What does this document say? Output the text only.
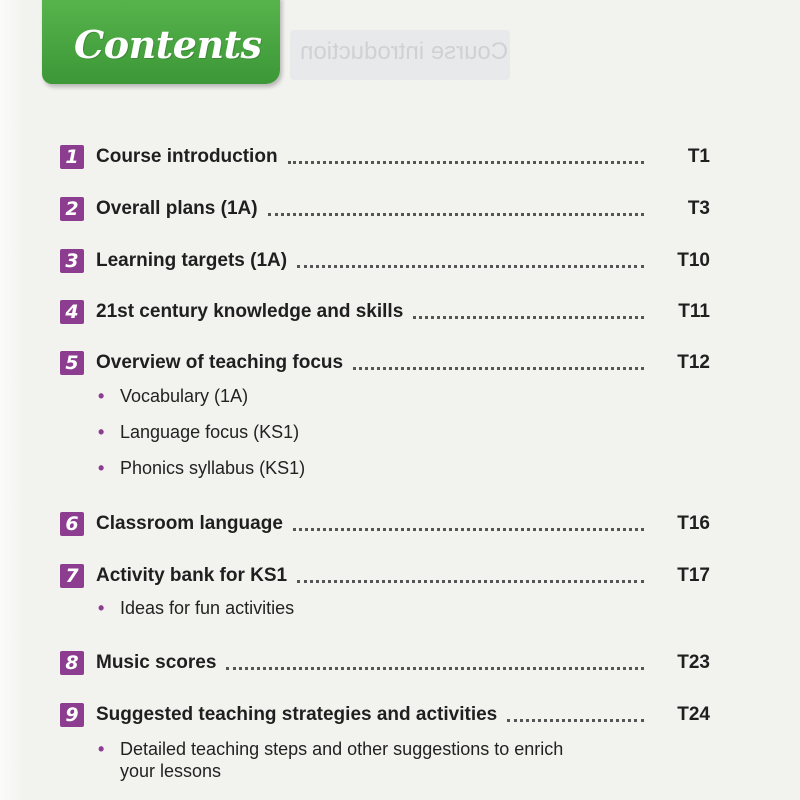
Course introduction
Contents
1 Course introduction	T1
2 Overall plans (1A)	T3
3 Learning targets (1A)	T10
4 21st century knowledge and skills	T11
5 Overview of teaching focus	T12
• Vocabulary (1A)
• Language focus (KS1)
• Phonics syllabus (KS1)
6 Classroom language	T16
7 Activity bank for KS1	T17
• Ideas for fun activities
8 Music scores	T23
9 Suggested teaching strategies and activities	T24
• Detailed teaching steps and other suggestions to enrich your lessons
